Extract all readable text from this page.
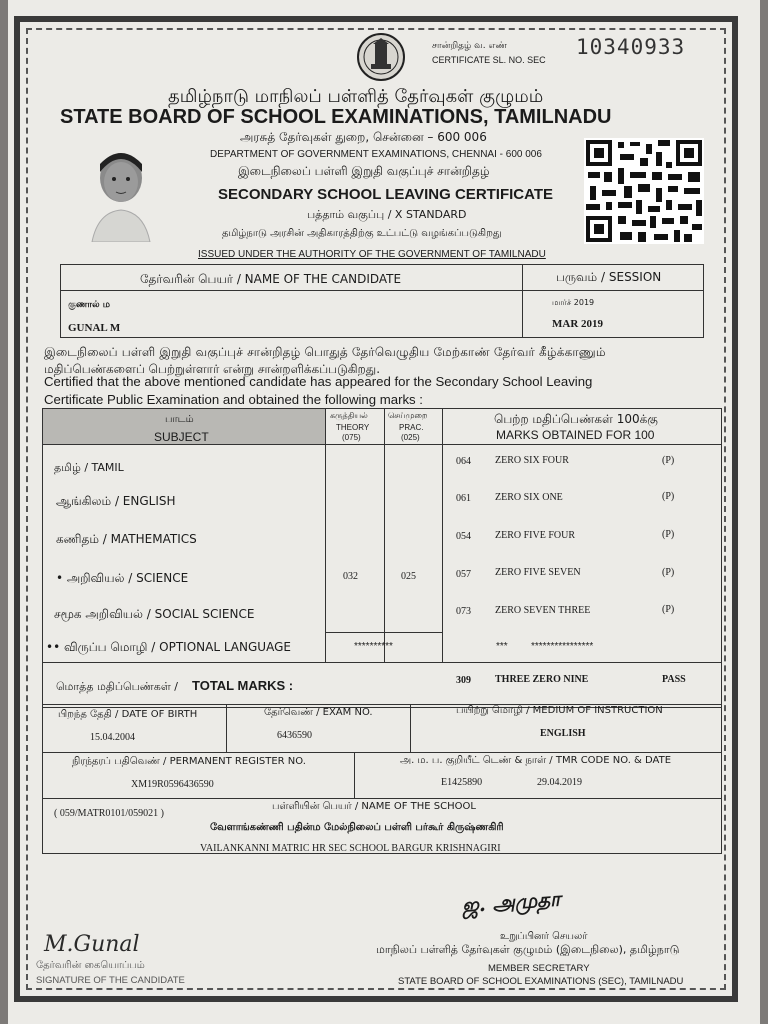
சான்றிதழ் வ. எண்
CERTIFICATE SL. NO. SEC
10340933
தமிழ்நாடு மாநிலப் பள்ளித் தேர்வுகள் குழுமம்
STATE BOARD OF SCHOOL EXAMINATIONS, TAMILNADU
அரசுத் தேர்வுகள் துறை, சென்னை – 600 006
DEPARTMENT OF GOVERNMENT EXAMINATIONS, CHENNAI - 600 006
இடைநிலைப் பள்ளி இறுதி வகுப்புச் சான்றிதழ்
SECONDARY SCHOOL LEAVING CERTIFICATE
பத்தாம் வகுப்பு / X STANDARD
தமிழ்நாடு அரசின் அதிகாரத்திற்கு உட்பட்டு வழங்கப்படுகிறது
ISSUED UNDER THE AUTHORITY OF THE GOVERNMENT OF TAMILNADU
தேர்வரின் பெயர் / NAME OF THE CANDIDATE	பருவம் / SESSION
குணால் ம
GUNAL M
மார்ச் 2019
MAR 2019
இடைநிலைப் பள்ளி இறுதி வகுப்புச் சான்றிதழ் பொதுத் தேர்வெழுதிய மேற்காண் தேர்வர் கீழ்க்காணும்
மதிப்பெண்களைப் பெற்றுள்ளார் என்று சான்றளிக்கப்படுகிறது.
Certified that the above mentioned candidate has appeared for the Secondary School Leaving
Certificate Public Examination and obtained the following marks :
பாடம்
SUBJECT
கருத்தியல்
THEORY
(075)
செய்முறை
PRAC.
(025)
பெற்ற மதிப்பெண்கள் 100க்கு
MARKS OBTAINED FOR 100
தமிழ் / TAMIL	064 ZERO SIX FOUR	(P)
ஆங்கிலம் / ENGLISH	061 ZERO SIX ONE	(P)
கணிதம் / MATHEMATICS	054 ZERO FIVE FOUR	(P)
• அறிவியல் / SCIENCE	032	025	057 ZERO FIVE SEVEN	(P)
சமூக அறிவியல் / SOCIAL SCIENCE	073 ZERO SEVEN THREE	(P)
•• விருப்ப மொழி / OPTIONAL LANGUAGE	**********	*** ****************
மொத்த மதிப்பெண்கள் / TOTAL MARKS :	309 THREE ZERO NINE	PASS
பிறந்த தேதி / DATE OF BIRTH
15.04.2004
தேர்வெண் / EXAM NO.
6436590
பயிற்று மொழி / MEDIUM OF INSTRUCTION
ENGLISH
நிரந்தரப் பதிவெண் / PERMANENT REGISTER NO.
XM19R0596436590
அ. ம. ப. குறியீட் டெண் & நாள் / TMR CODE NO. & DATE
E1425890	29.04.2019
( 059/MATR0101/059021 )
பள்ளியின் பெயர் / NAME OF THE SCHOOL
வேளாங்கண்ணி பதின்ம மேல்நிலைப் பள்ளி பர்கூர் கிருஷ்ணகிரி
VAILANKANNI MATRIC HR SEC SCHOOL BARGUR KRISHNAGIRI
ஜ. அமுதா
உறுப்பினர் செயலர்
மாநிலப் பள்ளித் தேர்வுகள் குழுமம் (இடைநிலை), தமிழ்நாடு
MEMBER SECRETARY
STATE BOARD OF SCHOOL EXAMINATIONS (SEC), TAMILNADU
M.Gunal
தேர்வரின் கையொப்பம்
SIGNATURE OF THE CANDIDATE
